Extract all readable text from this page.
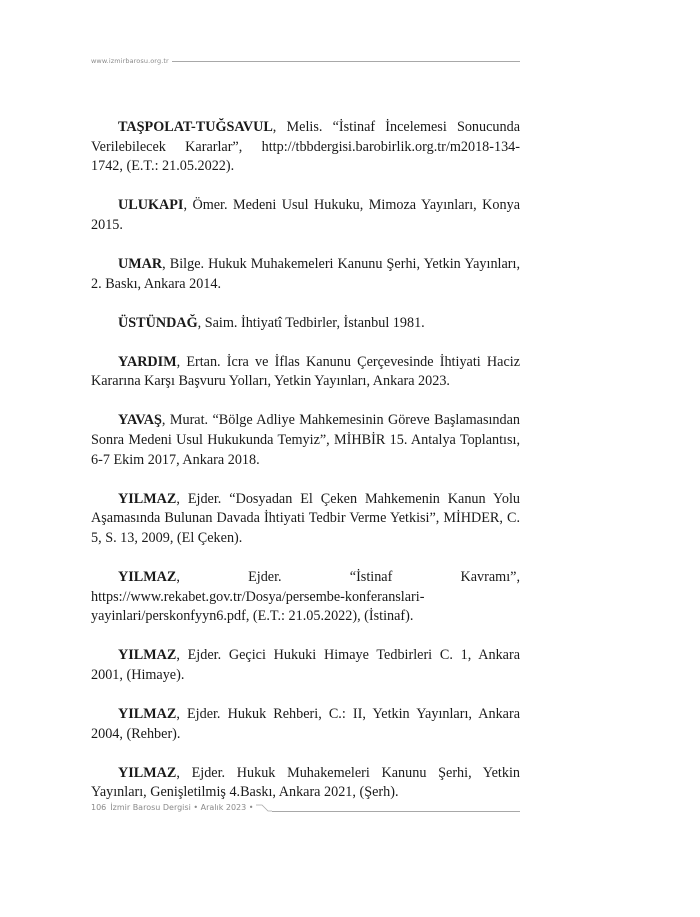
www.izmirbarosu.org.tr

TAŞPOLAT-TUĞSAVUL, Melis. “İstinaf İncelemesi Sonucunda Verilebilecek Kararlar”, http://tbbdergisi.barobirlik.org.tr/m2018-134-1742, (E.T.: 21.05.2022).

ULUKAPI, Ömer. Medeni Usul Hukuku, Mimoza Yayınları, Konya 2015.

UMAR, Bilge. Hukuk Muhakemeleri Kanunu Şerhi, Yetkin Yayınları, 2. Baskı, Ankara 2014.

ÜSTÜNDAĞ, Saim. İhtiyatî Tedbirler, İstanbul 1981.

YARDIM, Ertan. İcra ve İflas Kanunu Çerçevesinde İhtiyati Haciz Kararına Karşı Başvuru Yolları, Yetkin Yayınları, Ankara 2023.

YAVAŞ, Murat. “Bölge Adliye Mahkemesinin Göreve Başlamasından Sonra Medeni Usul Hukukunda Temyiz”, MİHBİR 15. Antalya Toplantısı, 6-7 Ekim 2017, Ankara 2018.

YILMAZ, Ejder. “Dosyadan El Çeken Mahkemenin Kanun Yolu Aşamasında Bulunan Davada İhtiyati Tedbir Verme Yetkisi”, MİHDER, C. 5, S. 13, 2009, (El Çeken).

YILMAZ, Ejder. “İstinaf Kavramı”, https://www.rekabet.gov.tr/Dosya/persembe-konferanslari-yayinlari/perskonfyyn6.pdf, (E.T.: 21.05.2022), (İstinaf).

YILMAZ, Ejder. Geçici Hukuki Himaye Tedbirleri C. 1, Ankara 2001, (Himaye).

YILMAZ, Ejder. Hukuk Rehberi, C.: II, Yetkin Yayınları, Ankara 2004, (Rehber).

YILMAZ, Ejder. Hukuk Muhakemeleri Kanunu Şerhi, Yetkin Yayınları, Genişletilmiş 4.Baskı, Ankara 2021, (Şerh).

106 İzmir Barosu Dergisi • Aralık 2023 •
